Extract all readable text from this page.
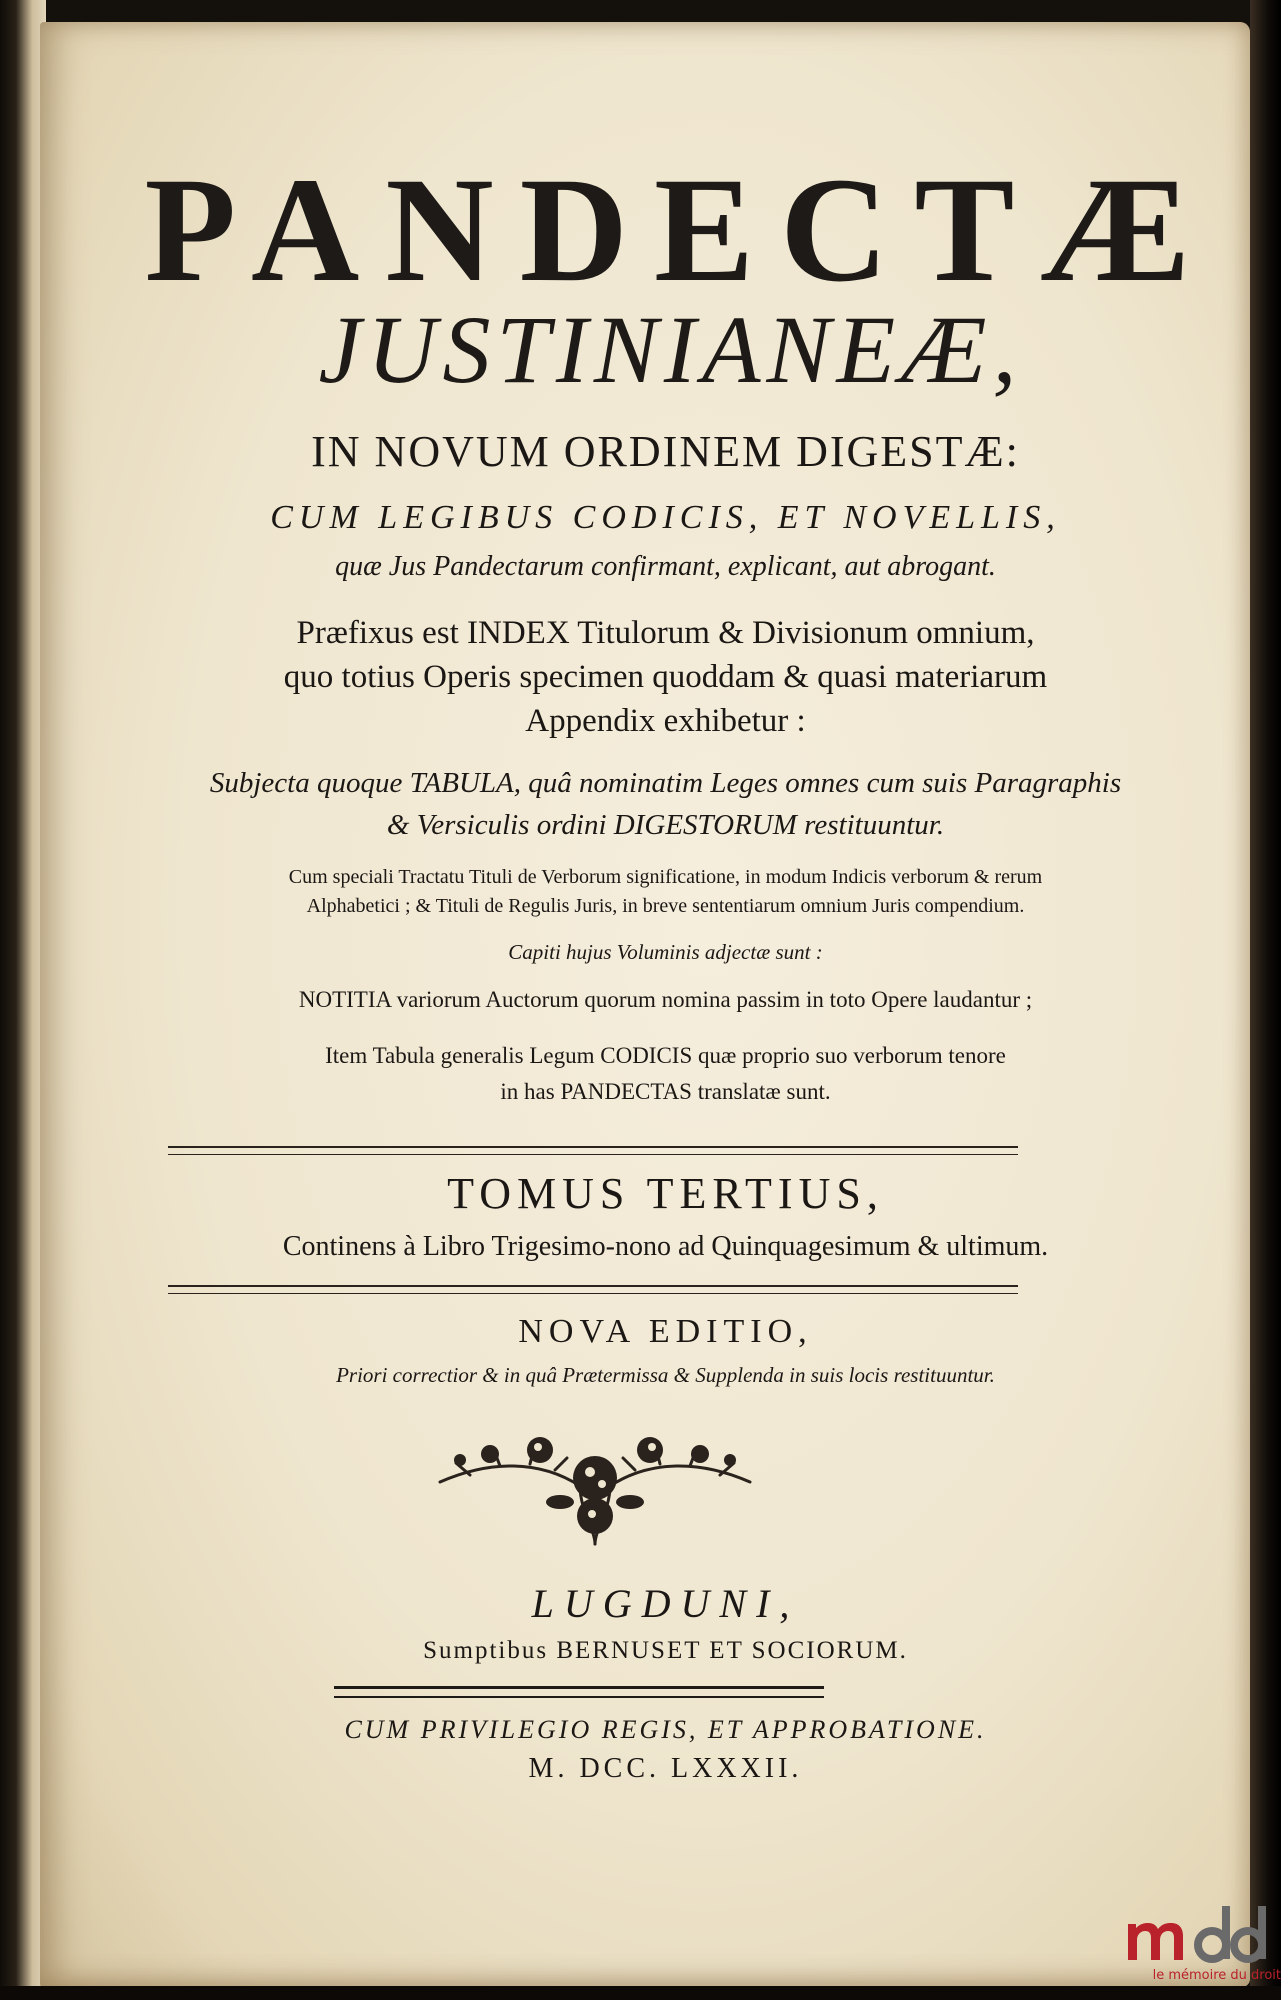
PANDECTÆ
JUSTINIANEÆ,
IN NOVUM ORDINEM DIGESTÆ:
CUM LEGIBUS CODICIS, ET NOVELLIS,
quæ Jus Pandectarum confirmant, explicant, aut abrogant.
Præfixus est INDEX Titulorum & Divisionum omnium,
quo totius Operis specimen quoddam & quasi materiarum
Appendix exhibetur :
Subjecta quoque TABULA, quâ nominatim Leges omnes cum suis Paragraphis
& Versiculis ordini DIGESTORUM restituuntur.
Cum speciali Tractatu Tituli de Verborum significatione, in modum Indicis verborum & rerum
Alphabetici ; & Tituli de Regulis Juris, in breve sententiarum omnium Juris compendium.
Capiti hujus Voluminis adjectæ sunt :
NOTITIA variorum Auctorum quorum nomina passim in toto Opere laudantur ;
Item Tabula generalis Legum CODICIS quæ proprio suo verborum tenore
in has PANDECTAS translatæ sunt.
TOMUS TERTIUS,
Continens à Libro Trigesimo-nono ad Quinquagesimum & ultimum.
NOVA EDITIO,
Priori correctior & in quâ Prætermissa & Supplenda in suis locis restituuntur.
LUGDUNI,
Sumptibus BERNUSET ET SOCIORUM.
CUM PRIVILEGIO REGIS, ET APPROBATIONE.
M. DCC. LXXXII.
le mémoire du droit
